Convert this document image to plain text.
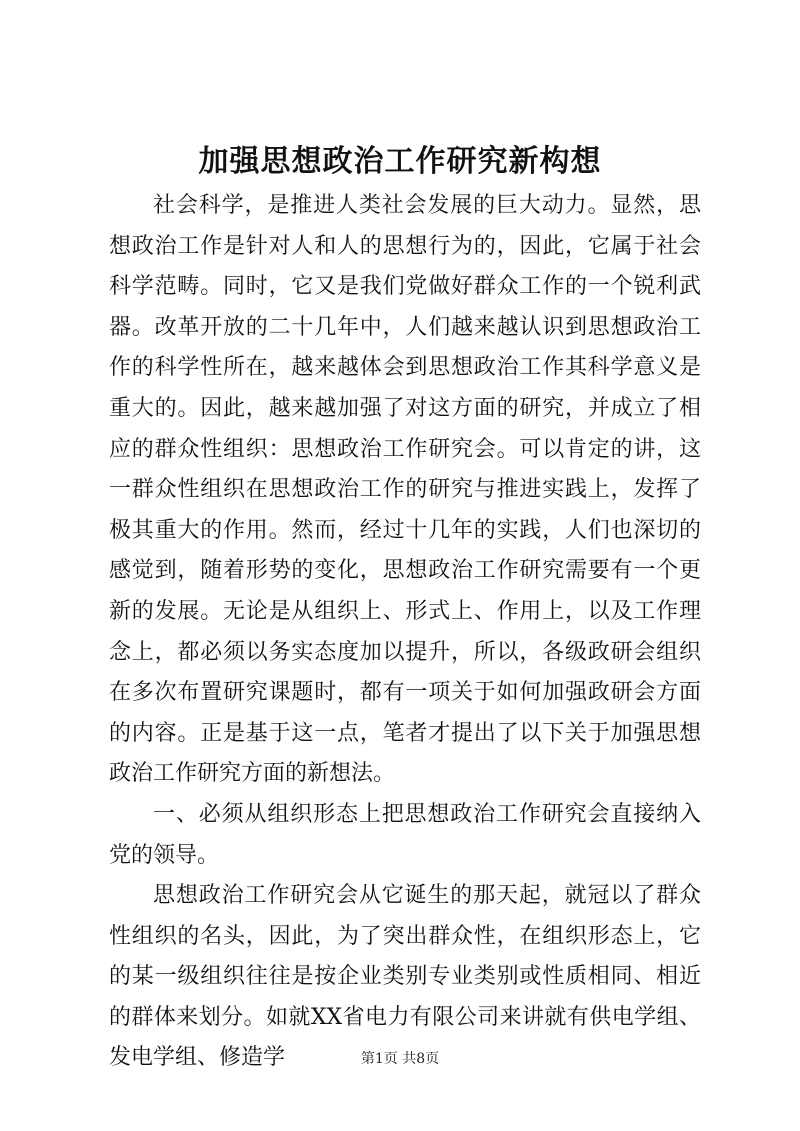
加强思想政治工作研究新构想

社会科学，是推进人类社会发展的巨大动力。显然，思想政治工作是针对人和人的思想行为的，因此，它属于社会科学范畴。同时，它又是我们党做好群众工作的一个锐利武器。改革开放的二十几年中，人们越来越认识到思想政治工作的科学性所在，越来越体会到思想政治工作其科学意义是重大的。因此，越来越加强了对这方面的研究，并成立了相应的群众性组织：思想政治工作研究会。可以肯定的讲，这一群众性组织在思想政治工作的研究与推进实践上，发挥了极其重大的作用。然而，经过十几年的实践，人们也深切的感觉到，随着形势的变化，思想政治工作研究需要有一个更新的发展。无论是从组织上、形式上、作用上，以及工作理念上，都必须以务实态度加以提升，所以，各级政研会组织在多次布置研究课题时，都有一项关于如何加强政研会方面的内容。正是基于这一点，笔者才提出了以下关于加强思想政治工作研究方面的新想法。

一、必须从组织形态上把思想政治工作研究会直接纳入党的领导。

思想政治工作研究会从它诞生的那天起，就冠以了群众性组织的名头，因此，为了突出群众性，在组织形态上，它的某一级组织往往是按企业类别专业类别或性质相同、相近的群体来划分。如就XX省电力有限公司来讲就有供电学组、发电学组、修造学	第1页 共8页
